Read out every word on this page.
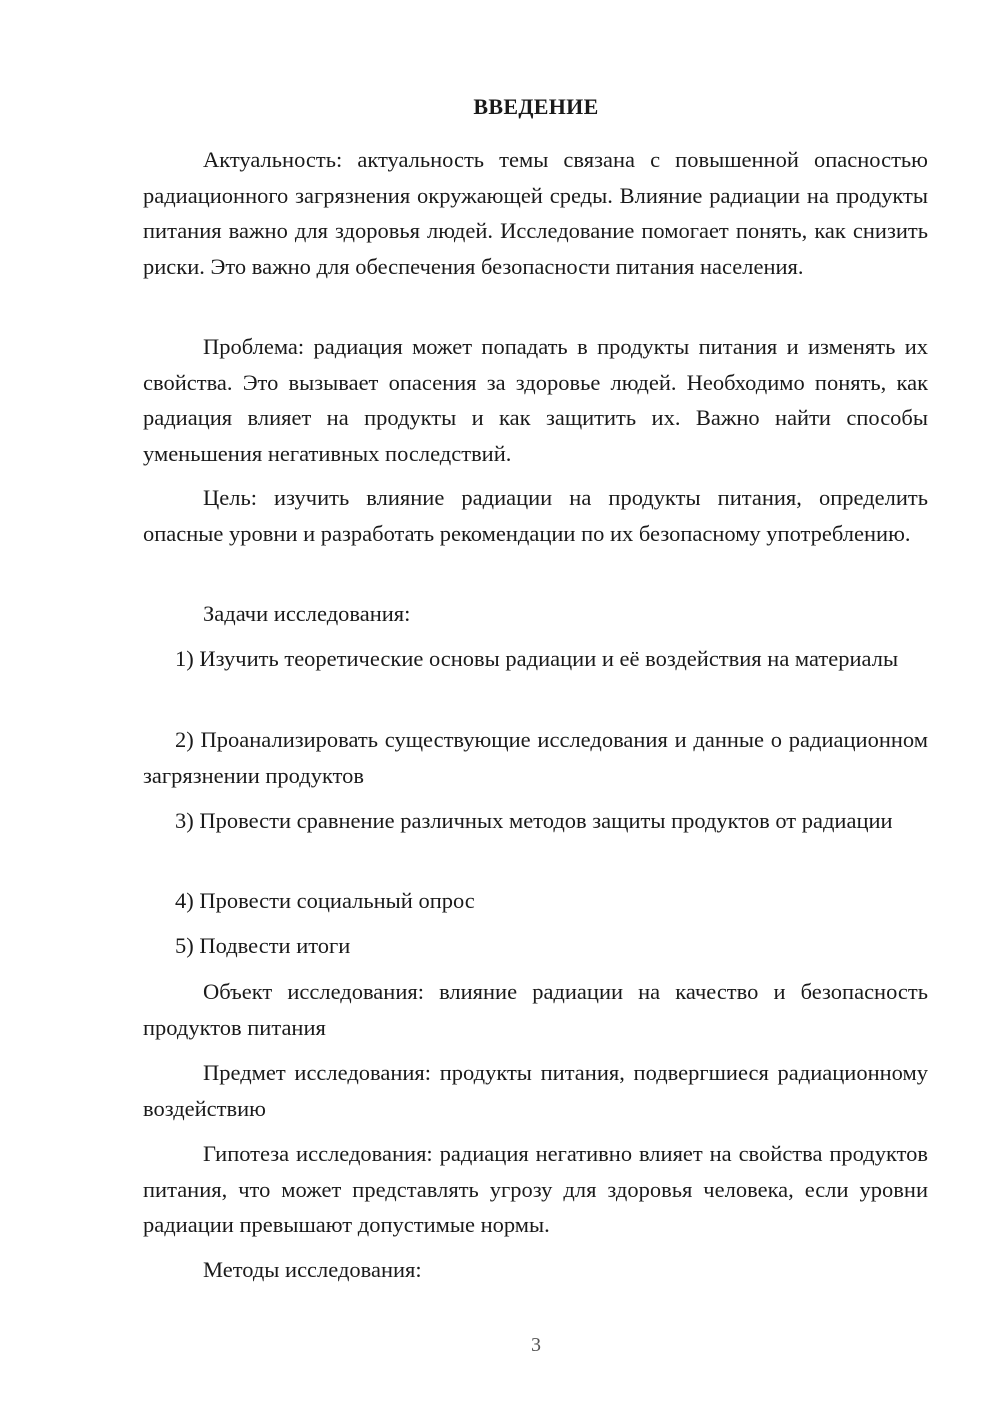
ВВЕДЕНИЕ

Актуальность: актуальность темы связана с повышенной опасностью радиационного загрязнения окружающей среды. Влияние радиации на продукты питания важно для здоровья людей. Исследование помогает понять, как снизить риски. Это важно для обеспечения безопасности питания населения.

Проблема: радиация может попадать в продукты питания и изменять их свойства. Это вызывает опасения за здоровье людей. Необходимо понять, как радиация влияет на продукты и как защитить их. Важно найти способы уменьшения негативных последствий.

Цель: изучить влияние радиации на продукты питания, определить опасные уровни и разработать рекомендации по их безопасному употреблению.

Задачи исследования:

1) Изучить теоретические основы радиации и её воздействия на материалы

2) Проанализировать существующие исследования и данные о радиационном загрязнении продуктов

3) Провести сравнение различных методов защиты продуктов от радиации

4) Провести социальный опрос

5) Подвести итоги

Объект исследования: влияние радиации на качество и безопасность продуктов питания

Предмет исследования: продукты питания, подвергшиеся радиационному воздействию

Гипотеза исследования: радиация негативно влияет на свойства продуктов питания, что может представлять угрозу для здоровья человека, если уровни радиации превышают допустимые нормы.

Методы исследования:

3
